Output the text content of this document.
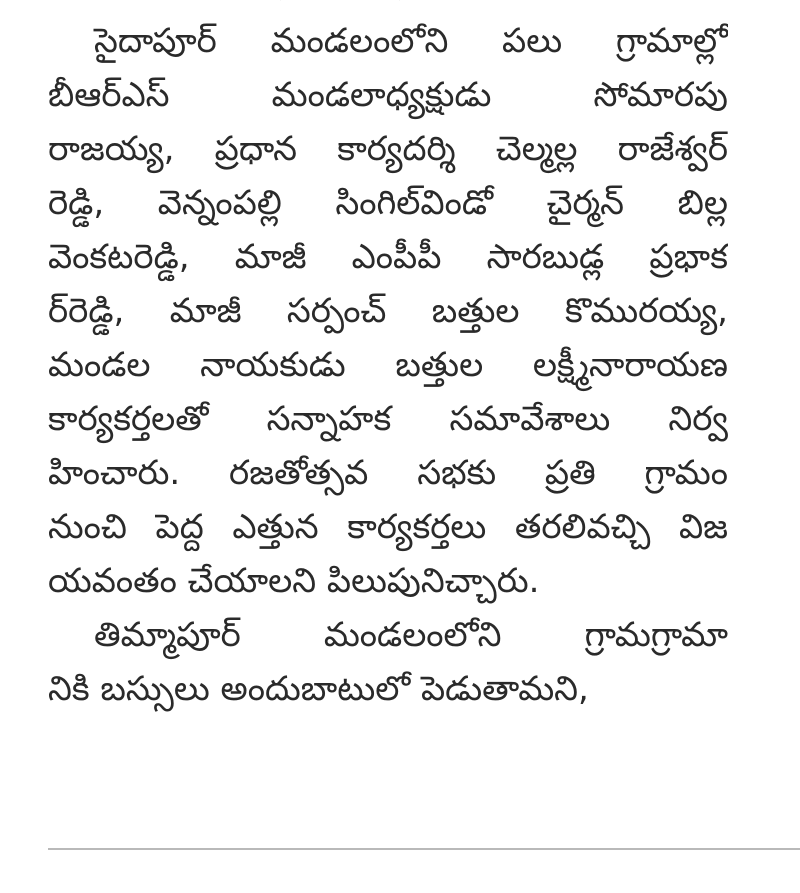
సైదాపూర్ మండలంలోని పలు గ్రామాల్లో
బీఆర్ఎస్ మండలాధ్యక్షుడు సోమారపు
రాజయ్య, ప్రధాన కార్యదర్శి చెల్మల్ల రాజేశ్వర్
రెడ్డి, వెన్నంపల్లి సింగిల్‌విండో చైర్మన్ బిల్ల
వెంకటరెడ్డి, మాజీ ఎంపీపీ సారబుడ్ల ప్రభాక
ర్‌రెడ్డి, మాజీ సర్పంచ్ బత్తుల కొమురయ్య,
మండల నాయకుడు బత్తుల లక్ష్మీనారాయణ
కార్యకర్తలతో సన్నాహక సమావేశాలు నిర్వ
హించారు. రజతోత్సవ సభకు ప్రతి గ్రామం
నుంచి పెద్ద ఎత్తున కార్యకర్తలు తరలివచ్చి విజ
యవంతం చేయాలని పిలుపునిచ్చారు.
తిమ్మాపూర్ మండలంలోని గ్రామగ్రామా
నికి బస్సులు అందుబాటులో పెడుతామని,
